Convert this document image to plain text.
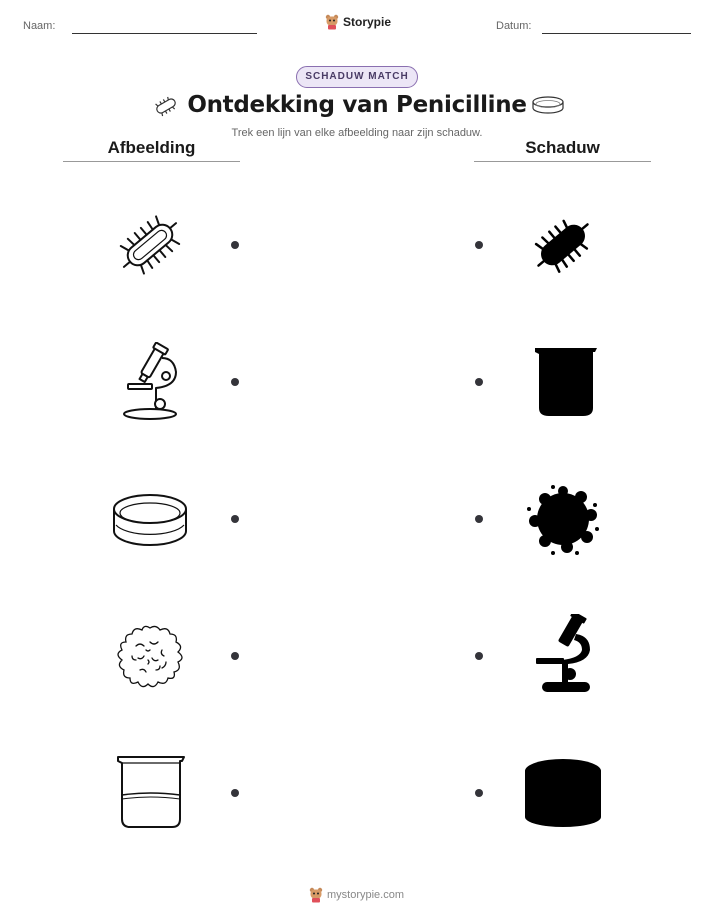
Naam:	Storypie	Datum:
SCHADUW MATCH
Ontdekking van Penicilline
Trek een lijn van elke afbeelding naar zijn schaduw.
Afbeelding	Schaduw
mystorypie.com
